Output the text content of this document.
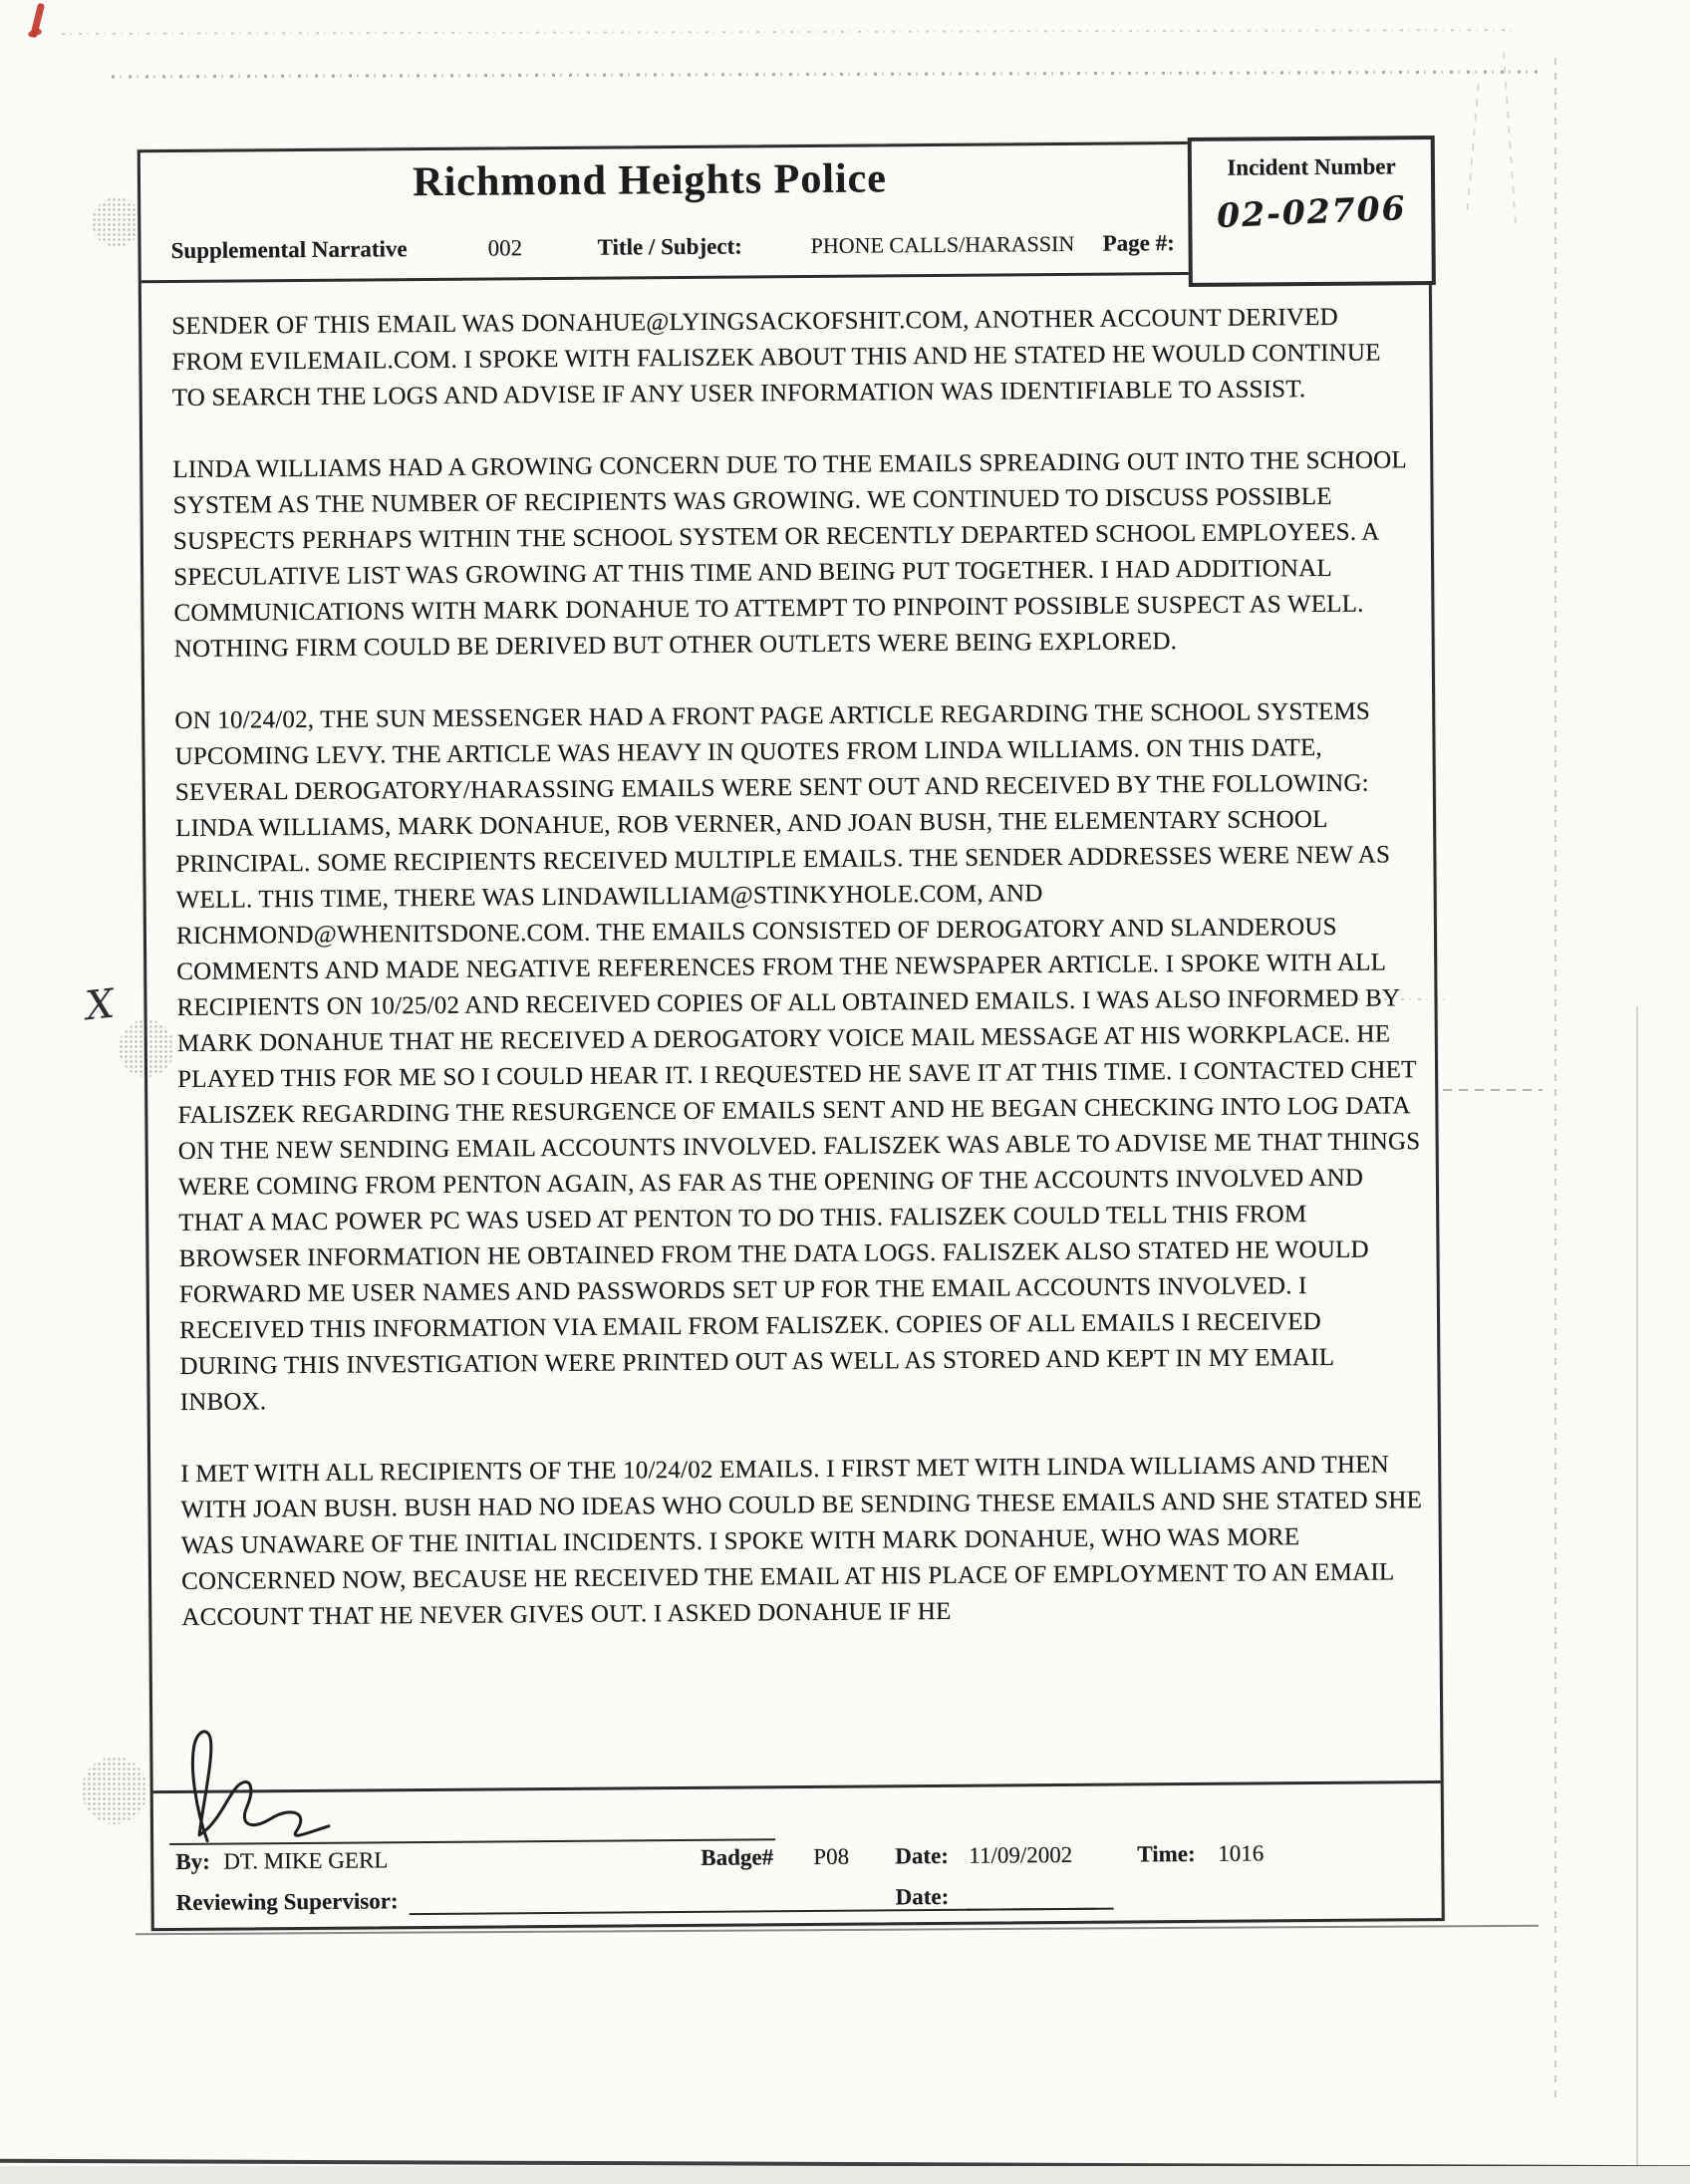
X
Richmond Heights Police
Supplemental Narrative	002	Title / Subject:	PHONE CALLS/HARASSIN Page #:
Incident Number
02-02706

SENDER OF THIS EMAIL WAS DONAHUE@LYINGSACKOFSHIT.COM, ANOTHER ACCOUNT DERIVED FROM EVILEMAIL.COM. I SPOKE WITH FALISZEK ABOUT THIS AND HE STATED HE WOULD CONTINUE TO SEARCH THE LOGS AND ADVISE IF ANY USER INFORMATION WAS IDENTIFIABLE TO ASSIST.

LINDA WILLIAMS HAD A GROWING CONCERN DUE TO THE EMAILS SPREADING OUT INTO THE SCHOOL SYSTEM AS THE NUMBER OF RECIPIENTS WAS GROWING. WE CONTINUED TO DISCUSS POSSIBLE SUSPECTS PERHAPS WITHIN THE SCHOOL SYSTEM OR RECENTLY DEPARTED SCHOOL EMPLOYEES. A SPECULATIVE LIST WAS GROWING AT THIS TIME AND BEING PUT TOGETHER. I HAD ADDITIONAL COMMUNICATIONS WITH MARK DONAHUE TO ATTEMPT TO PINPOINT POSSIBLE SUSPECT AS WELL. NOTHING FIRM COULD BE DERIVED BUT OTHER OUTLETS WERE BEING EXPLORED.

ON 10/24/02, THE SUN MESSENGER HAD A FRONT PAGE ARTICLE REGARDING THE SCHOOL SYSTEMS UPCOMING LEVY. THE ARTICLE WAS HEAVY IN QUOTES FROM LINDA WILLIAMS. ON THIS DATE, SEVERAL DEROGATORY/HARASSING EMAILS WERE SENT OUT AND RECEIVED BY THE FOLLOWING: LINDA WILLIAMS, MARK DONAHUE, ROB VERNER, AND JOAN BUSH, THE ELEMENTARY SCHOOL PRINCIPAL. SOME RECIPIENTS RECEIVED MULTIPLE EMAILS. THE SENDER ADDRESSES WERE NEW AS WELL. THIS TIME, THERE WAS LINDAWILLIAM@STINKYHOLE.COM, AND RICHMOND@WHENITSDONE.COM. THE EMAILS CONSISTED OF DEROGATORY AND SLANDEROUS COMMENTS AND MADE NEGATIVE REFERENCES FROM THE NEWSPAPER ARTICLE. I SPOKE WITH ALL RECIPIENTS ON 10/25/02 AND RECEIVED COPIES OF ALL OBTAINED EMAILS. I WAS ALSO INFORMED BY MARK DONAHUE THAT HE RECEIVED A DEROGATORY VOICE MAIL MESSAGE AT HIS WORKPLACE. HE PLAYED THIS FOR ME SO I COULD HEAR IT. I REQUESTED HE SAVE IT AT THIS TIME. I CONTACTED CHET FALISZEK REGARDING THE RESURGENCE OF EMAILS SENT AND HE BEGAN CHECKING INTO LOG DATA ON THE NEW SENDING EMAIL ACCOUNTS INVOLVED. FALISZEK WAS ABLE TO ADVISE ME THAT THINGS WERE COMING FROM PENTON AGAIN, AS FAR AS THE OPENING OF THE ACCOUNTS INVOLVED AND THAT A MAC POWER PC WAS USED AT PENTON TO DO THIS. FALISZEK COULD TELL THIS FROM BROWSER INFORMATION HE OBTAINED FROM THE DATA LOGS. FALISZEK ALSO STATED HE WOULD FORWARD ME USER NAMES AND PASSWORDS SET UP FOR THE EMAIL ACCOUNTS INVOLVED. I RECEIVED THIS INFORMATION VIA EMAIL FROM FALISZEK. COPIES OF ALL EMAILS I RECEIVED DURING THIS INVESTIGATION WERE PRINTED OUT AS WELL AS STORED AND KEPT IN MY EMAIL INBOX.

I MET WITH ALL RECIPIENTS OF THE 10/24/02 EMAILS. I FIRST MET WITH LINDA WILLIAMS AND THEN WITH JOAN BUSH. BUSH HAD NO IDEAS WHO COULD BE SENDING THESE EMAILS AND SHE STATED SHE WAS UNAWARE OF THE INITIAL INCIDENTS. I SPOKE WITH MARK DONAHUE, WHO WAS MORE CONCERNED NOW, BECAUSE HE RECEIVED THE EMAIL AT HIS PLACE OF EMPLOYMENT TO AN EMAIL ACCOUNT THAT HE NEVER GIVES OUT. I ASKED DONAHUE IF HE

By: DT. MIKE GERL	Badge# P08 Date: 11/09/2002	Time: 1016
Reviewing Supervisor:	Date:
